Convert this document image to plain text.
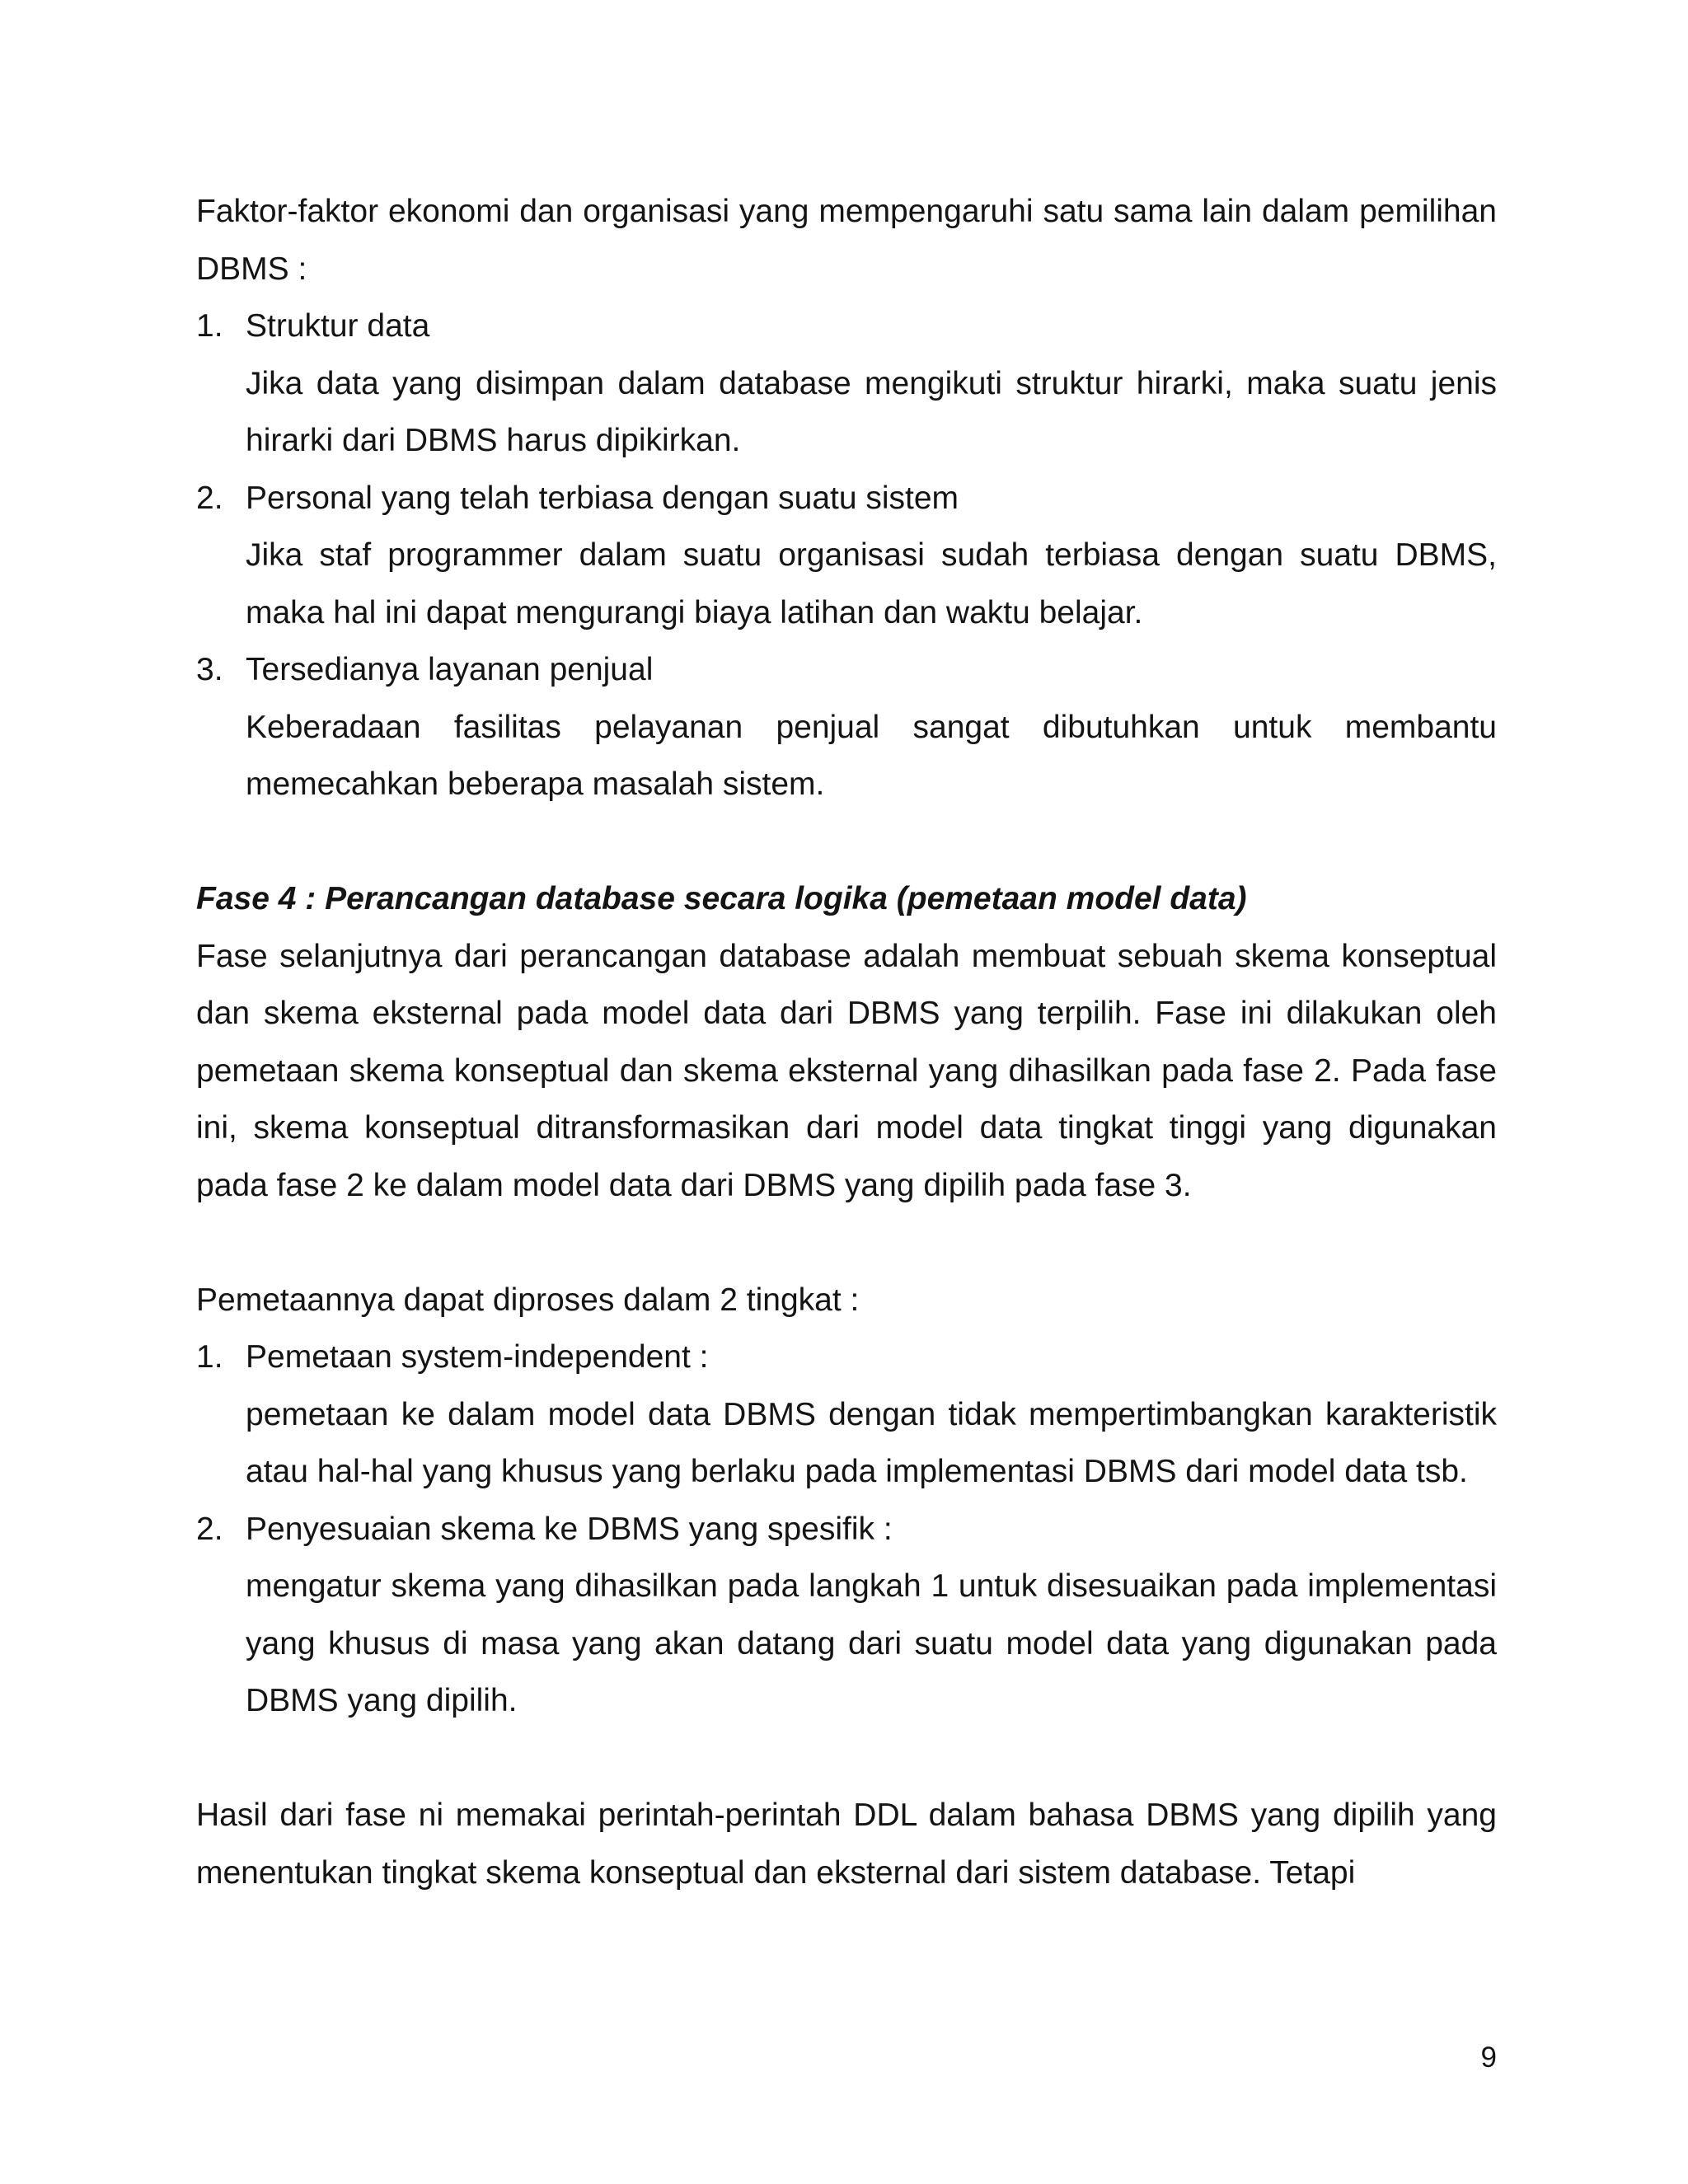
Faktor-faktor ekonomi dan organisasi yang mempengaruhi satu sama lain dalam pemilihan DBMS :

1. Struktur data
Jika data yang disimpan dalam database mengikuti struktur hirarki, maka suatu jenis hirarki dari DBMS harus dipikirkan.
2. Personal yang telah terbiasa dengan suatu sistem
Jika staf programmer dalam suatu organisasi sudah terbiasa dengan suatu DBMS, maka hal ini dapat mengurangi biaya latihan dan waktu belajar.
3. Tersedianya layanan penjual
Keberadaan fasilitas pelayanan penjual sangat dibutuhkan untuk membantu memecahkan beberapa masalah sistem.
Fase 4 : Perancangan database secara logika (pemetaan model data)

Fase selanjutnya dari perancangan database adalah membuat sebuah skema konseptual dan skema eksternal pada model data dari DBMS yang terpilih. Fase ini dilakukan oleh pemetaan skema konseptual dan skema eksternal yang dihasilkan pada fase 2. Pada fase ini, skema konseptual ditransformasikan dari model data tingkat tinggi yang digunakan pada fase 2 ke dalam model data dari DBMS yang dipilih pada fase 3.

Pemetaannya dapat diproses dalam 2 tingkat :

1. Pemetaan system-independent :
pemetaan ke dalam model data DBMS dengan tidak mempertimbangkan karakteristik atau hal-hal yang khusus yang berlaku pada implementasi DBMS dari model data tsb.
2. Penyesuaian skema ke DBMS yang spesifik :
mengatur skema yang dihasilkan pada langkah 1 untuk disesuaikan pada implementasi yang khusus di masa yang akan datang dari suatu model data yang digunakan pada DBMS yang dipilih.

Hasil dari fase ni memakai perintah-perintah DDL dalam bahasa DBMS yang dipilih yang menentukan tingkat skema konseptual dan eksternal dari sistem database. Tetapi

9
